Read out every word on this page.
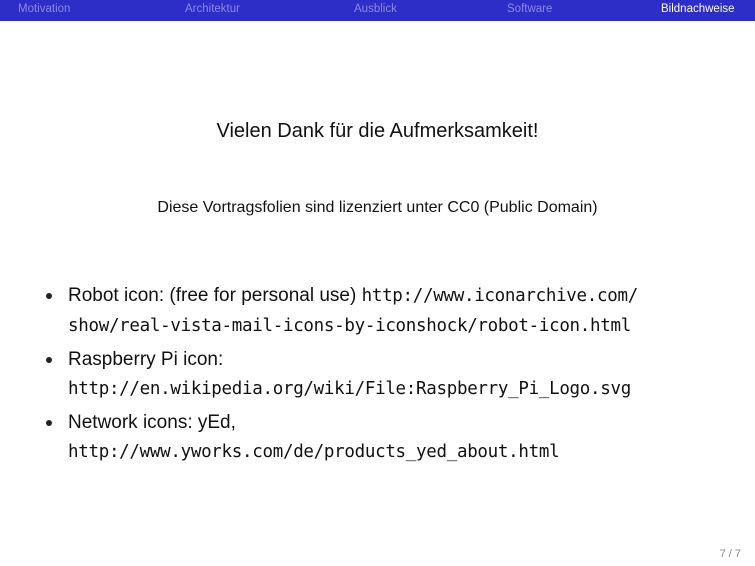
Motivation	Architektur	Ausblick	Software	Bildnachweise
Vielen Dank für die Aufmerksamkeit!
Diese Vortragsfolien sind lizenziert unter CC0 (Public Domain)
Robot icon: (free for personal use) http://www.iconarchive.com/
show/real-vista-mail-icons-by-iconshock/robot-icon.html
Raspberry Pi icon:
http://en.wikipedia.org/wiki/File:Raspberry_Pi_Logo.svg
Network icons: yEd,
http://www.yworks.com/de/products_yed_about.html
7 / 7
